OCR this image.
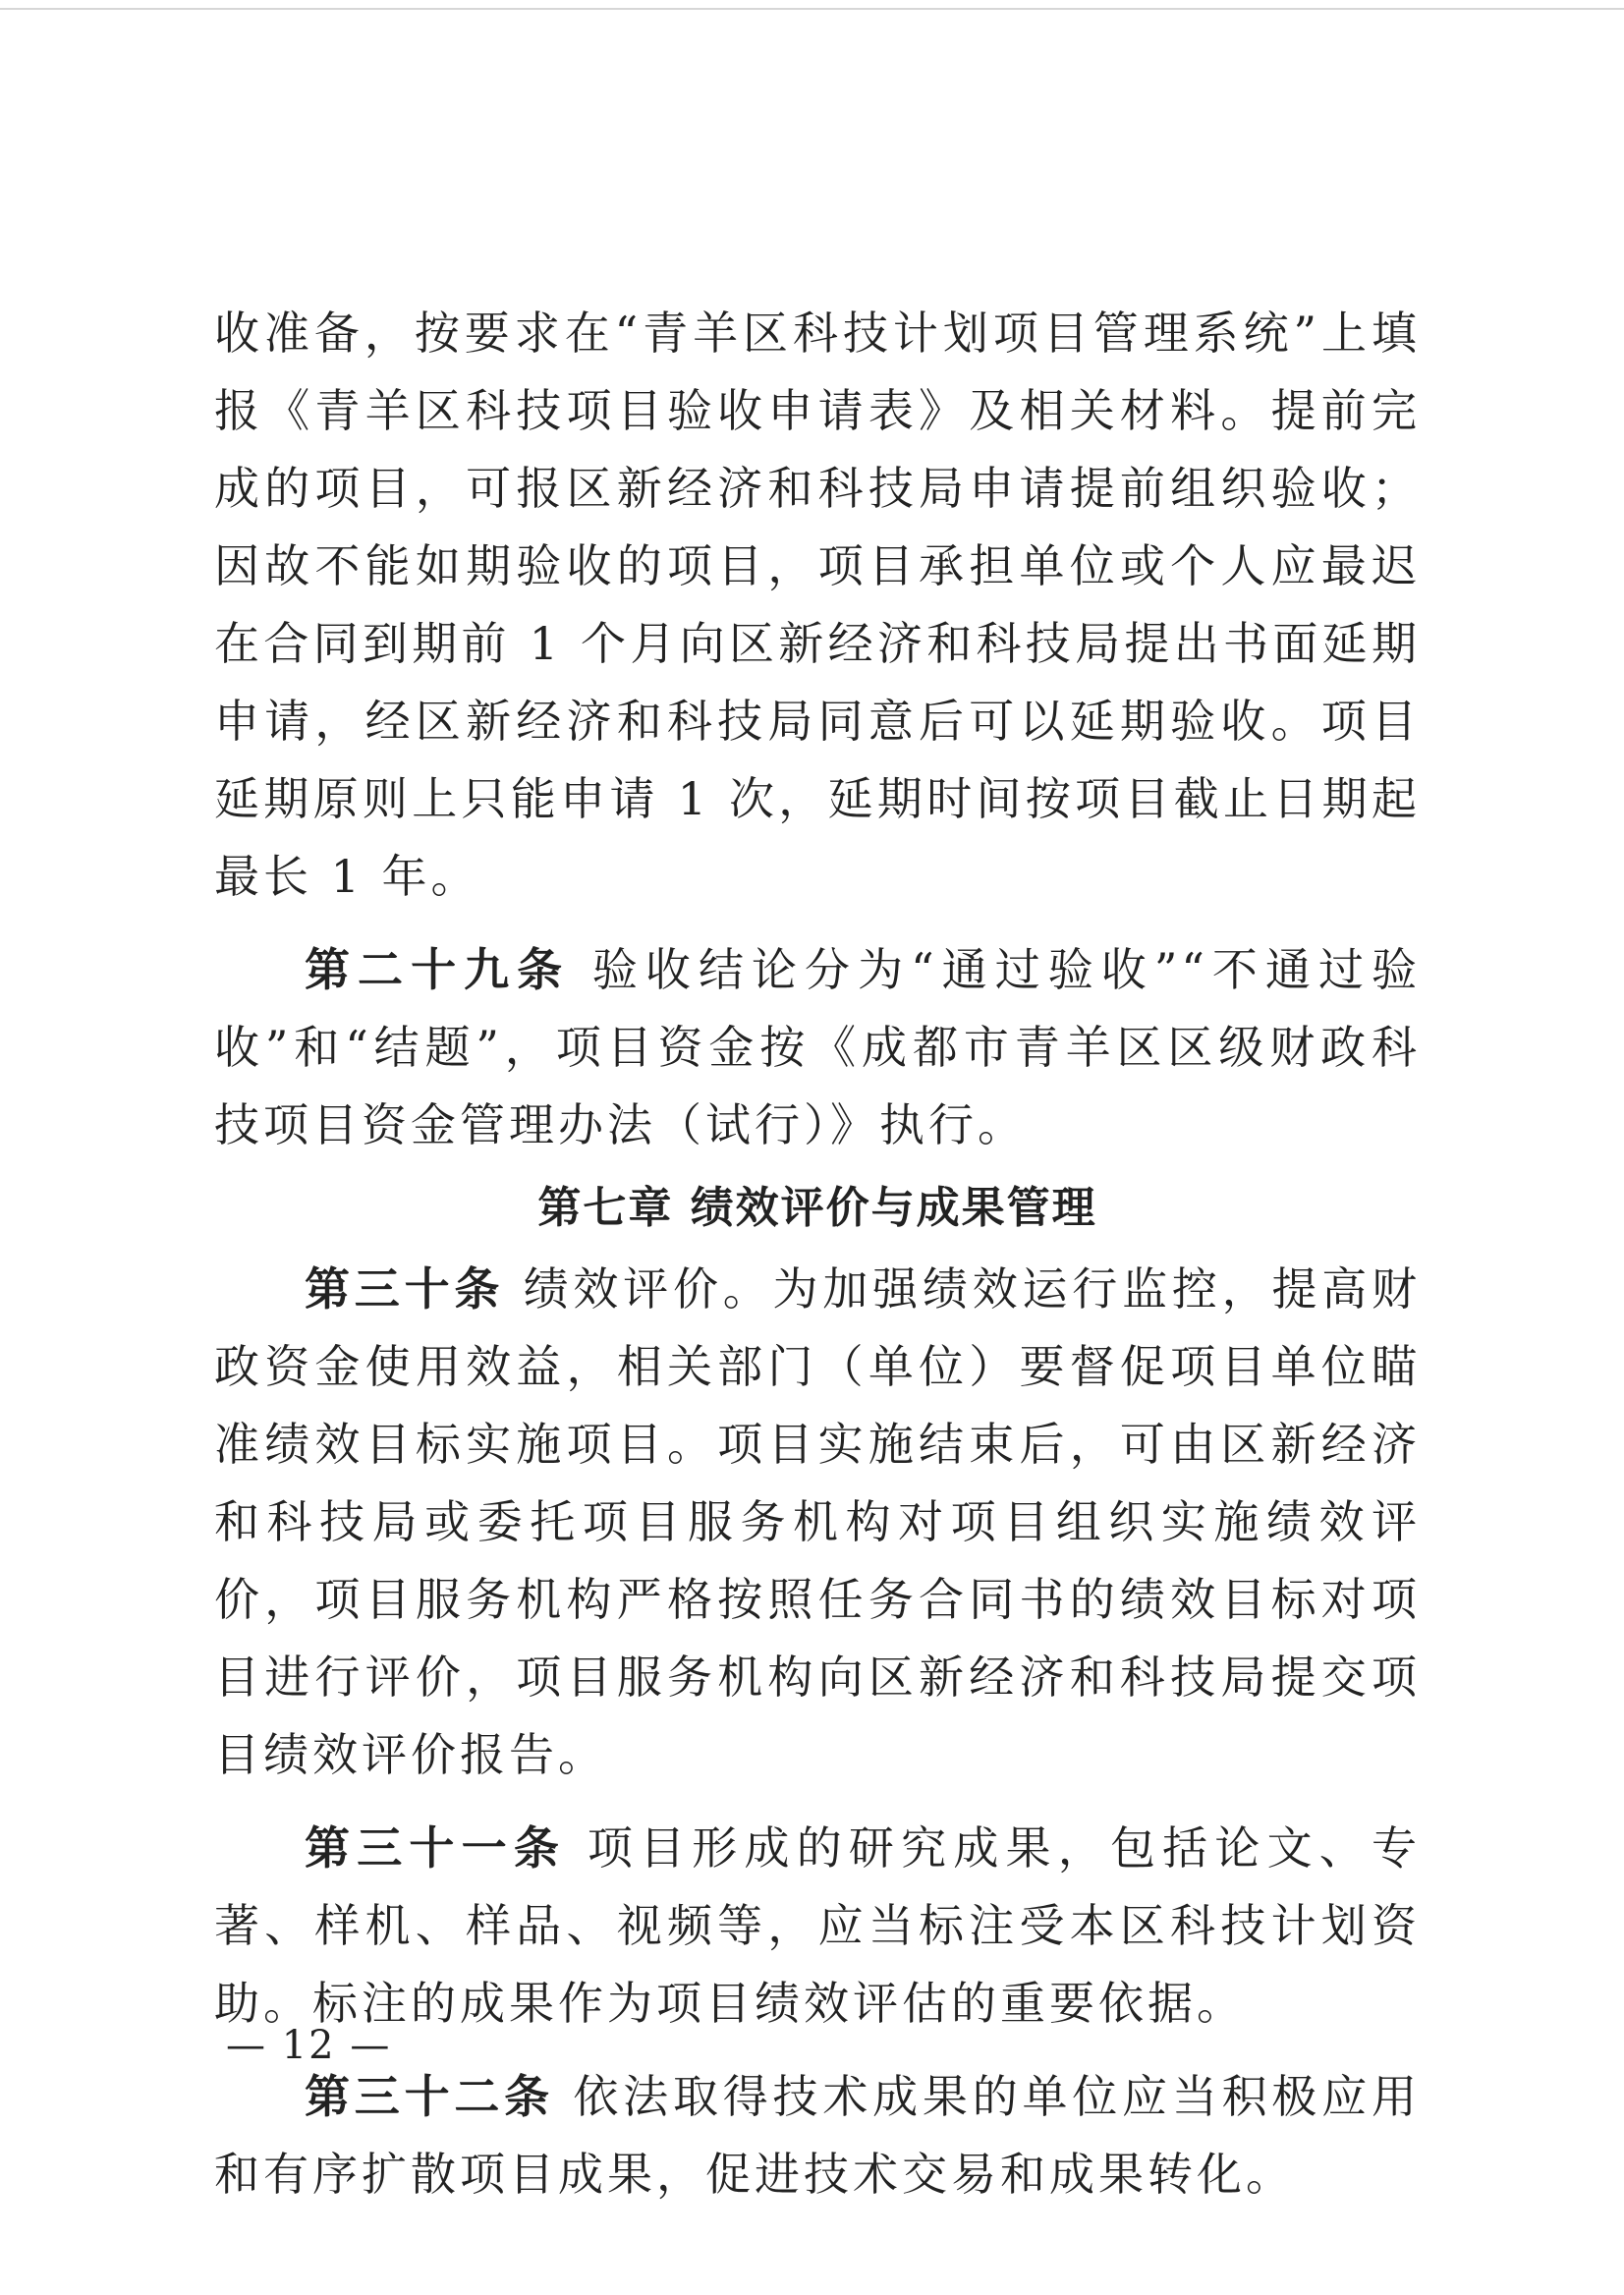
收准备，按要求在“青羊区科技计划项目管理系统”上填报《青羊区科技项目验收申请表》及相关材料。提前完成的项目，可报区新经济和科技局申请提前组织验收；因故不能如期验收的项目，项目承担单位或个人应最迟在合同到期前 1 个月向区新经济和科技局提出书面延期申请，经区新经济和科技局同意后可以延期验收。项目延期原则上只能申请 1 次，延期时间按项目截止日期起最长 1 年。

第二十九条 验收结论分为“通过验收”“不通过验收”和“结题”，项目资金按《成都市青羊区区级财政科技项目资金管理办法（试行）》执行。

第七章 绩效评价与成果管理

第三十条 绩效评价。为加强绩效运行监控，提高财政资金使用效益，相关部门（单位）要督促项目单位瞄准绩效目标实施项目。项目实施结束后，可由区新经济和科技局或委托项目服务机构对项目组织实施绩效评价，项目服务机构严格按照任务合同书的绩效目标对项目进行评价，项目服务机构向区新经济和科技局提交项目绩效评价报告。

第三十一条 项目形成的研究成果，包括论文、专著、样机、样品、视频等，应当标注受本区科技计划资助。标注的成果作为项目绩效评估的重要依据。

第三十二条 依法取得技术成果的单位应当积极应用和有序扩散项目成果，促进技术交易和成果转化。

— 12 —
